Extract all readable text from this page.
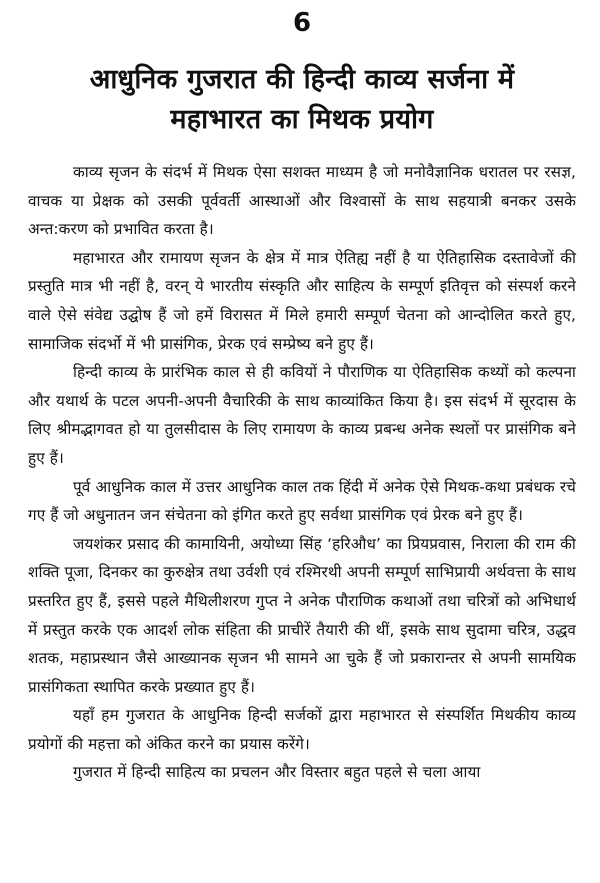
6
आधुनिक गुजरात की हिन्दी काव्य सर्जना में
महाभारत का मिथक प्रयोग

काव्य सृजन के संदर्भ में मिथक ऐसा सशक्त माध्यम है जो मनोवैज्ञानिक धरातल पर रसज्ञ, वाचक या प्रेक्षक को उसकी पूर्ववर्ती आस्थाओं और विश्वासों के साथ सहयात्री बनकर उसके अन्त:करण को प्रभावित करता है।

महाभारत और रामायण सृजन के क्षेत्र में मात्र ऐतिह्य नहीं है या ऐतिहासिक दस्तावेजों की प्रस्तुति मात्र भी नहीं है, वरन् ये भारतीय संस्कृति और साहित्य के सम्पूर्ण इतिवृत्त को संस्पर्श करने वाले ऐसे संवेद्य उद्घोष हैं जो हमें विरासत में मिले हमारी सम्पूर्ण चेतना को आन्दोलित करते हुए, सामाजिक संदर्भो में भी प्रासंगिक, प्रेरक एवं सम्प्रेष्य बने हुए हैं।

हिन्दी काव्य के प्रारंभिक काल से ही कवियों ने पौराणिक या ऐतिहासिक कथ्यों को कल्पना और यथार्थ के पटल अपनी-अपनी वैचारिकी के साथ काव्यांकित किया है। इस संदर्भ में सूरदास के लिए श्रीमद्भागवत हो या तुलसीदास के लिए रामायण के काव्य प्रबन्ध अनेक स्थलों पर प्रासंगिक बने हुए हैं।

पूर्व आधुनिक काल में उत्तर आधुनिक काल तक हिंदी में अनेक ऐसे मिथक-कथा प्रबंधक रचे गए हैं जो अधुनातन जन संचेतना को इंगित करते हुए सर्वथा प्रासंगिक एवं प्रेरक बने हुए हैं।

जयशंकर प्रसाद की कामायिनी, अयोध्या सिंह ‘हरिऔध’ का प्रियप्रवास, निराला की राम की शक्ति पूजा, दिनकर का कुरुक्षेत्र तथा उर्वशी एवं रश्मिरथी अपनी सम्पूर्ण साभिप्रायी अर्थवत्ता के साथ प्रस्तरित हुए हैं, इससे पहले मैथिलीशरण गुप्त ने अनेक पौराणिक कथाओं तथा चरित्रों को अभिधार्थ में प्रस्तुत करके एक आदर्श लोक संहिता की प्राचीरें तैयारी की थीं, इसके साथ सुदामा चरित्र, उद्धव शतक, महाप्रस्थान जैसे आख्यानक सृजन भी सामने आ चुके हैं जो प्रकारान्तर से अपनी सामयिक प्रासंगिकता स्थापित करके प्रख्यात हुए हैं।

यहाँ हम गुजरात के आधुनिक हिन्दी सर्जकों द्वारा महाभारत से संस्पर्शित मिथकीय काव्य प्रयोगों की महत्ता को अंकित करने का प्रयास करेंगे।

गुजरात में हिन्दी साहित्य का प्रचलन और विस्तार बहुत पहले से चला आया
